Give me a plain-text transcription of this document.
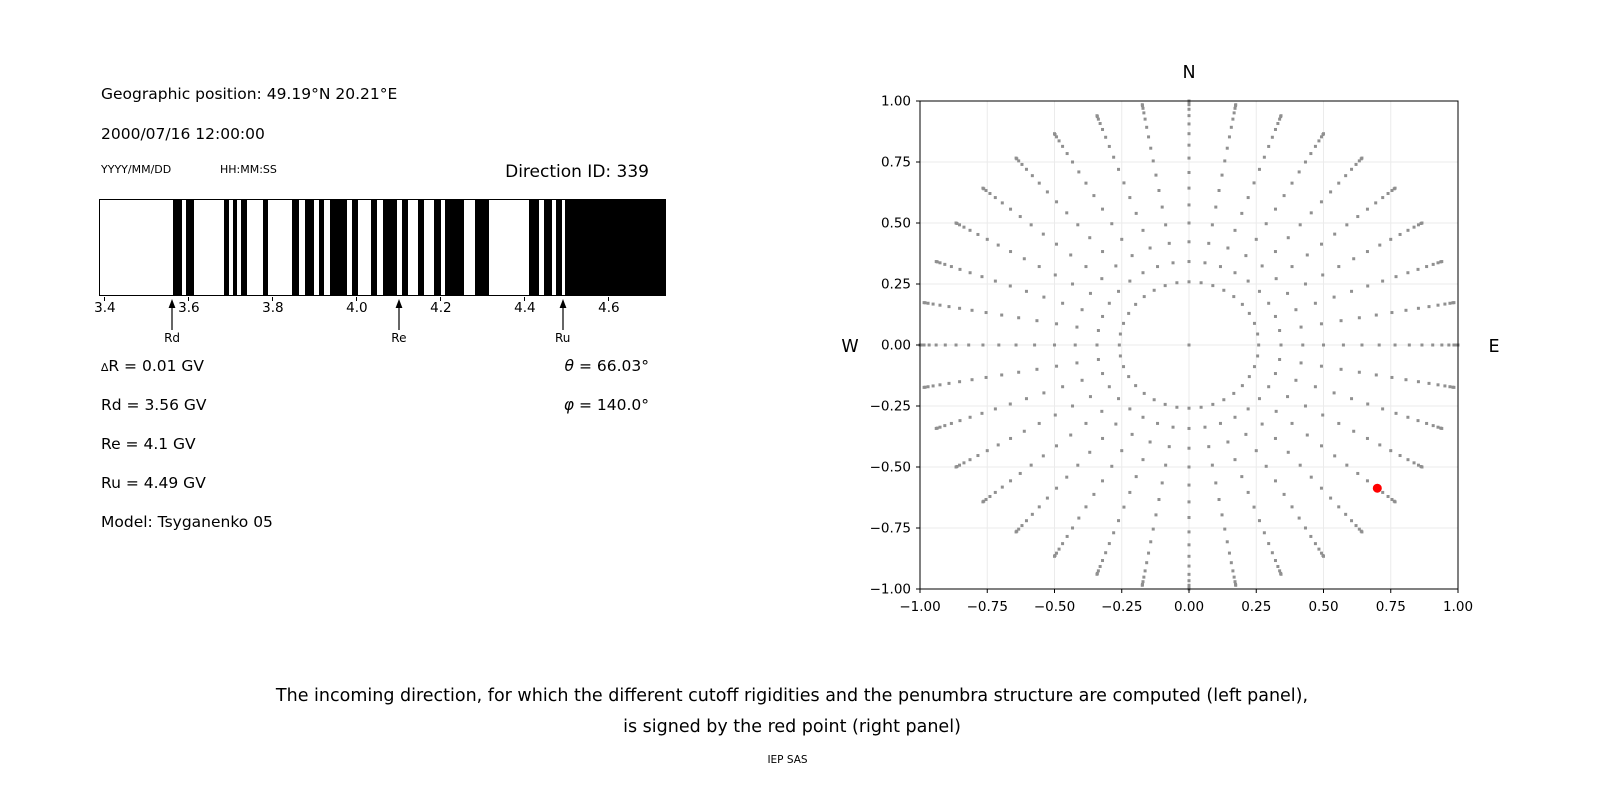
Geographic position: 49.19°N 20.21°E
2000/07/16 12:00:00
YYYY/MM/DD	HH:MM:SS	Direction ID: 339
∆R = 0.01 GV
Rd = 3.56 GV
Re = 4.1 GV
Ru = 4.49 GV
Model: Tsyganenko 05
θ = 66.03°
φ = 140.0°
−1.00 −0.75 −0.50 −0.25 0.00	0.25	0.50	0.75	1.00
−1.00
−0.75
−0.50
−0.25
0.00
0.25
0.50
0.75
1.00
N
W	E
The incoming direction, for which the different cutoff rigidities and the penumbra structure are computed (left panel),
is signed by the red point (right panel)
IEP SAS
3.4	3.6	3.8	4.0	4.2	4.4	4.6
Rd	Re	Ru
